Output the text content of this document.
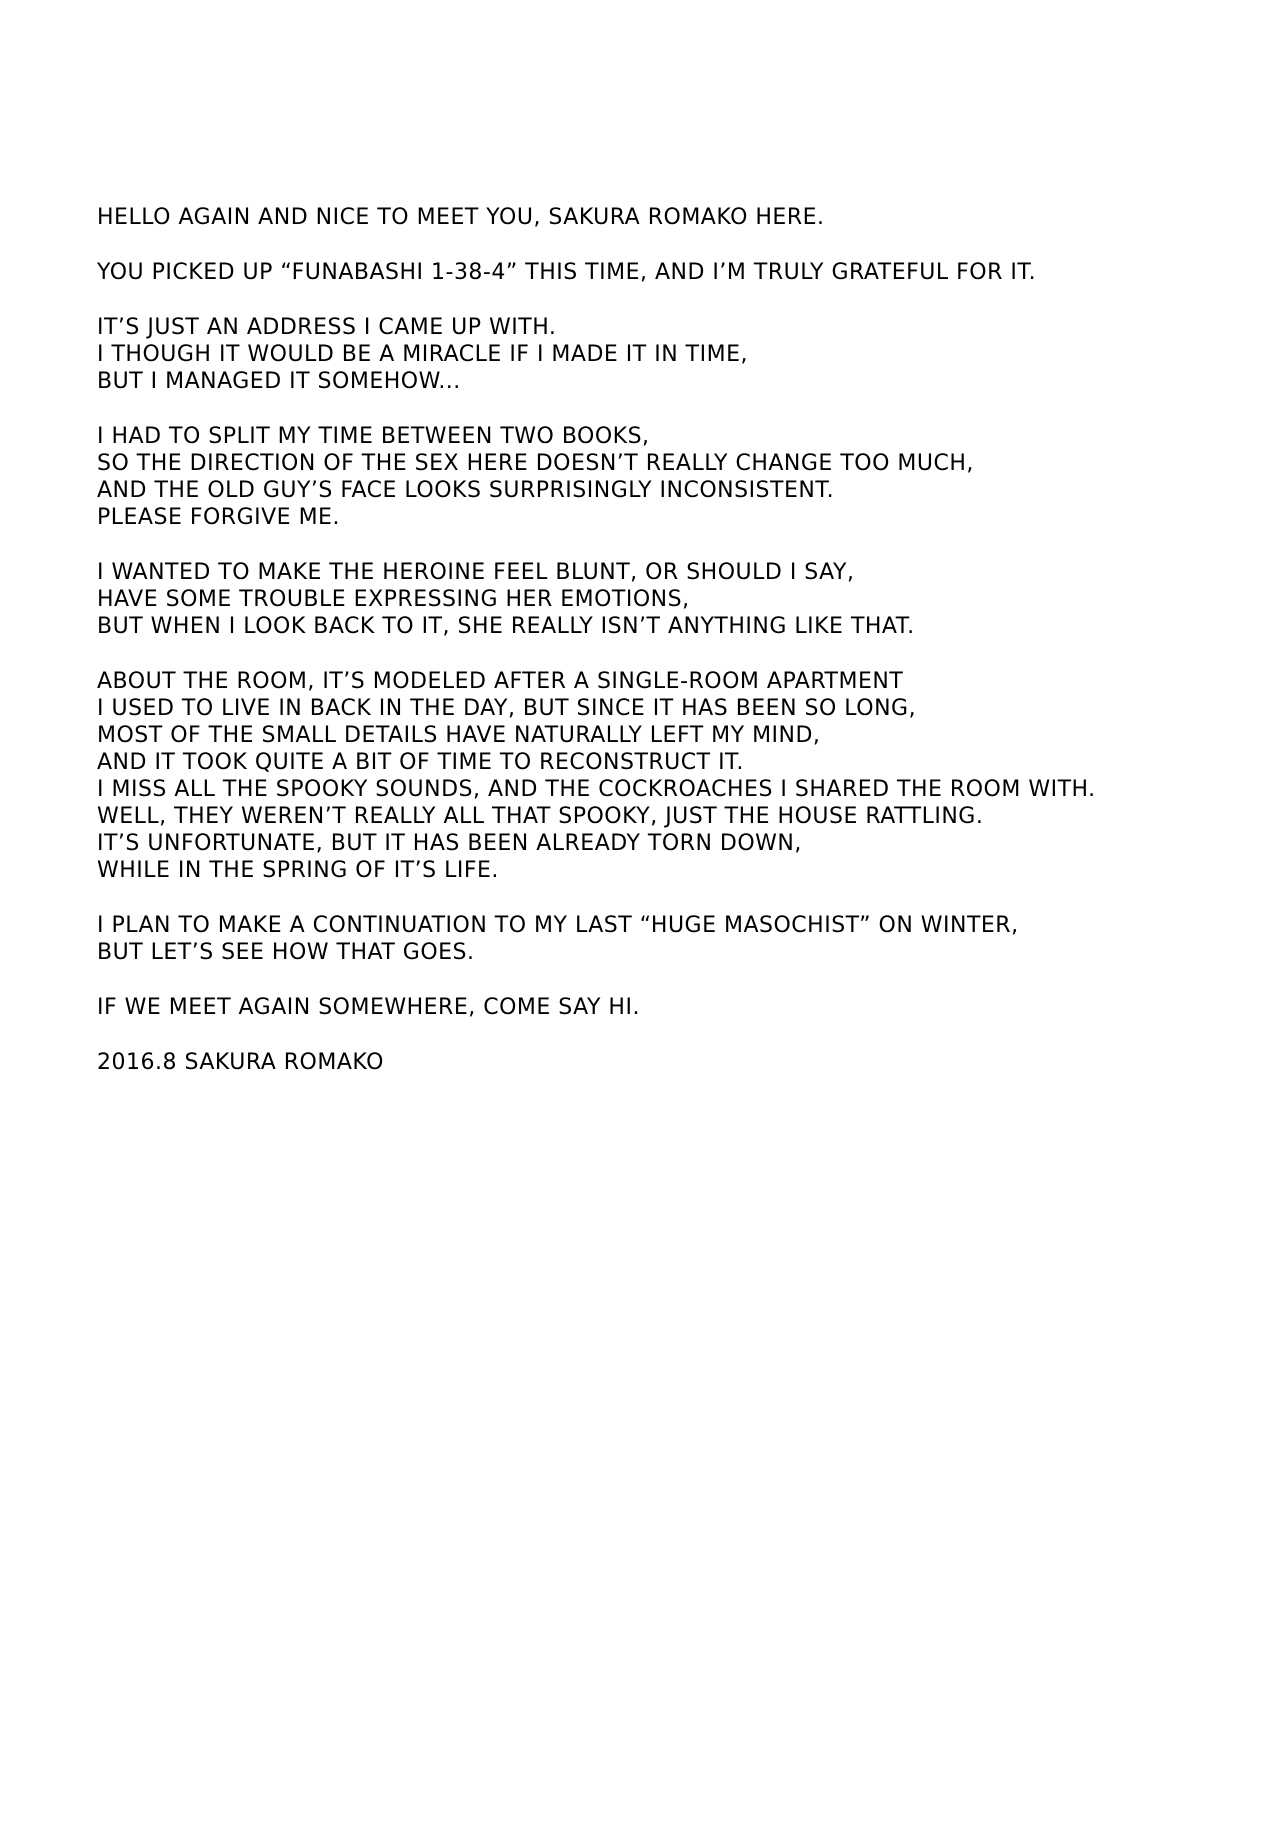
HELLO AGAIN AND NICE TO MEET YOU, SAKURA ROMAKO HERE.
YOU PICKED UP “FUNABASHI 1-38-4” THIS TIME, AND I’M TRULY GRATEFUL FOR IT.
IT’S JUST AN ADDRESS I CAME UP WITH.
I THOUGH IT WOULD BE A MIRACLE IF I MADE IT IN TIME,
BUT I MANAGED IT SOMEHOW...
I HAD TO SPLIT MY TIME BETWEEN TWO BOOKS,
SO THE DIRECTION OF THE SEX HERE DOESN’T REALLY CHANGE TOO MUCH,
AND THE OLD GUY’S FACE LOOKS SURPRISINGLY INCONSISTENT.
PLEASE FORGIVE ME.
I WANTED TO MAKE THE HEROINE FEEL BLUNT, OR SHOULD I SAY,
HAVE SOME TROUBLE EXPRESSING HER EMOTIONS,
BUT WHEN I LOOK BACK TO IT, SHE REALLY ISN’T ANYTHING LIKE THAT.
ABOUT THE ROOM, IT’S MODELED AFTER A SINGLE-ROOM APARTMENT
I USED TO LIVE IN BACK IN THE DAY, BUT SINCE IT HAS BEEN SO LONG,
MOST OF THE SMALL DETAILS HAVE NATURALLY LEFT MY MIND,
AND IT TOOK QUITE A BIT OF TIME TO RECONSTRUCT IT.
I MISS ALL THE SPOOKY SOUNDS, AND THE COCKROACHES I SHARED THE ROOM WITH.
WELL, THEY WEREN’T REALLY ALL THAT SPOOKY, JUST THE HOUSE RATTLING.
IT’S UNFORTUNATE, BUT IT HAS BEEN ALREADY TORN DOWN,
WHILE IN THE SPRING OF IT’S LIFE.
I PLAN TO MAKE A CONTINUATION TO MY LAST “HUGE MASOCHIST” ON WINTER,
BUT LET’S SEE HOW THAT GOES.
IF WE MEET AGAIN SOMEWHERE, COME SAY HI.
2016.8 SAKURA ROMAKO
